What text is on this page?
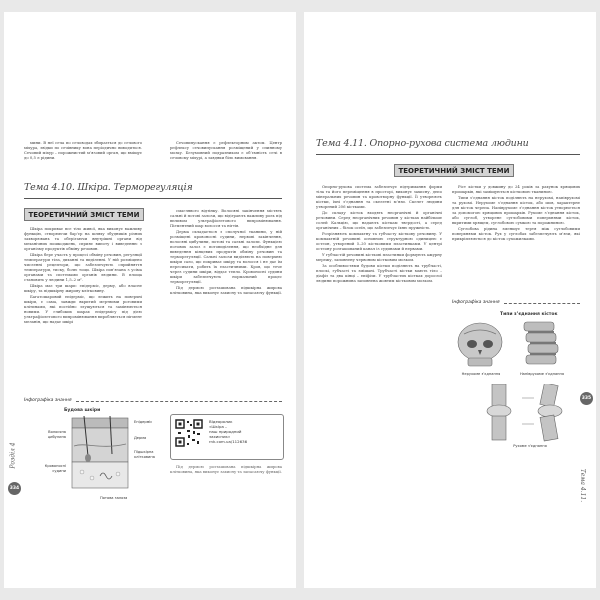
мини. В неї сеча по сечоводах збирається до сечового міхура, звідки по сечівнику вона періодично виводиться. Сечовий міхур – порожнистий м’язовий орган, що вміщує до 0,5 л рідини.

Сечовипускання є рефлекторним актом. Центр рефлексу сечовипускання розміщений у спинному мозку. Безумовний подразником є об’ємність сечі в сечовому міхурі, а завдяки біль вимовання.

Тема 4.10. Шкіра. Терморегуляція
ТЕОРЕТИЧНИЙ ЗМІСТ ТЕМИ

Шкіра покриває все тіло живої, яка виконує важливу функцію, створюючи бар’єр на шляху збудників різних захворювань та оберігаючи внутрішні органи від механічних пошкоджень, сприяє випоту і виведенню з організму продуктів обміну речовин.

Шкіра бере участь у процесі обміну речовин, регуляції температури тіла, диханні та виділенні. У ній розміщено численні рецептори, що забезпечують сприйняття температури, тиску, болю тощо. Шкіра пов’язана з усіма органами та системами органів людини. В площа становить у людини 1,5–2 м².

Шкіра має три шари: епідерміс, дерму, або власне шкіру, та підшкірну жирову клітковину.

Багатошаровий епідерміс, що лежить на поверхні шкіри, є сама, завжди вкритий мертвими роговими клітинами, які постійно злущуються та замінюються новими. У глибоких шарах епідермісу під дією ультрафіолетового випромінювання виробляється пігмент меланін, що надає шкірі

смаглявого відтінку. Волосяні закінчення містять сальні й потові залози, що відіграють важливу роль під впливом ультрафіолетового випромінювання. Пігментний шар волосся та нігтів.

Дерма складається з сполучної тканини, у ній розміщені кровоносні судини, нервові закінчення, волосяні цибулини, потові та сальні залози. Функцією потових залоз є потовиділення, що необхідне для виведення кінцевих продуктів обміну речовин та терморегуляції. Сальні залози виділяють на поверхню шкіри сало, що покриває шкіру та волосся і не дає їм пересихати, робить їх еластичними. Кров, що тече через судини шкіри, віддає тепло. Кровоносні судини шкіри забезпечують нормальний процес терморегуляції.

Під дермою розташована підшкірна жирова клітковина, яка виконує захисну та запасаючу функції.

Інфографіка знання
Будова шкіри
Волосяна цибулина
Епідерміс
Дерма
Підшкірна клітковина
Кровоносні судини
Потова залоза
Відеоролик
«Шкіра –
наш природний
захисник»
rnk.com.ua/112636

Під дермою розташована підшкірна жирова клітковина, яка виконує захисну та запасаючу функції.

334
Розділ 4
Тема 4.11. Опорно-рухова система людини
ТЕОРЕТИЧНИЙ ЗМІСТ ТЕМИ

Опорно-рухова система забезпечує підтримання форми тіла та його переміщення в просторі, виконує захисну, депо мінеральних речовин та кровотворну функції. Її утворюють кістки, їхні з’єднання та скелетні м’язи. Скелет людини утворений 206 кістками.

До складу кісток входять неорганічні й органічні речовини. Серед неорганічних речовин у кістках найбільше солей Кальцію, що надають кісткам твердості, а серед органічних – білок осеїн, що забезпечує їхню пружність.

Розрізняють компактну та губчасту кісткову речовину. У компактній речовині основною структурною одиницею є остеон, утворений 5–20 кістковими пластинками. У центрі остеону розташований канал із судинами й нервами.

У губчастій речовині кісткові пластинки формують ажурну мережу, заповнену червоним кістковим мозком.

За особливостями будови кістки поділяють на трубчасті, плоскі, губчасті та змішані. Трубчасті кістки мають тіло – діафіз та два кінці – епіфізи. У трубчастих кістках дорослої людини порожнина заповнена жовтим кістковим мозком.

Ріст кістки у довжину до 24 років за рахунок хрящових прошарків, які заміщуються кістковою тканиною.

Типи з’єднання кісток поділяють на нерухомі, напіврухомі та рухомі. Нерухоме з’єднання кісток, або шов, характерне для кісток черепа. Напіврухоме з’єднання кісток утворюється за допомогою хрящових прошарків. Рухоме з’єднання кісток, або суглоб, утворене суглобовими поверхнями кісток, вкритими хрящем, суглобовою сумкою та порожниною.

Суглобова рідина зменшує тертя між суглобовими поверхнями кісток. Рух у суглобах забезпечують м’язи, які прикріплюються до кісток сухожилками.

Інфографіка знання
Типи з’єднання кісток
Нерухоме з’єднання	Напіврухоме з’єднання
Рухоме з’єднання
335
Тема 4.11.
